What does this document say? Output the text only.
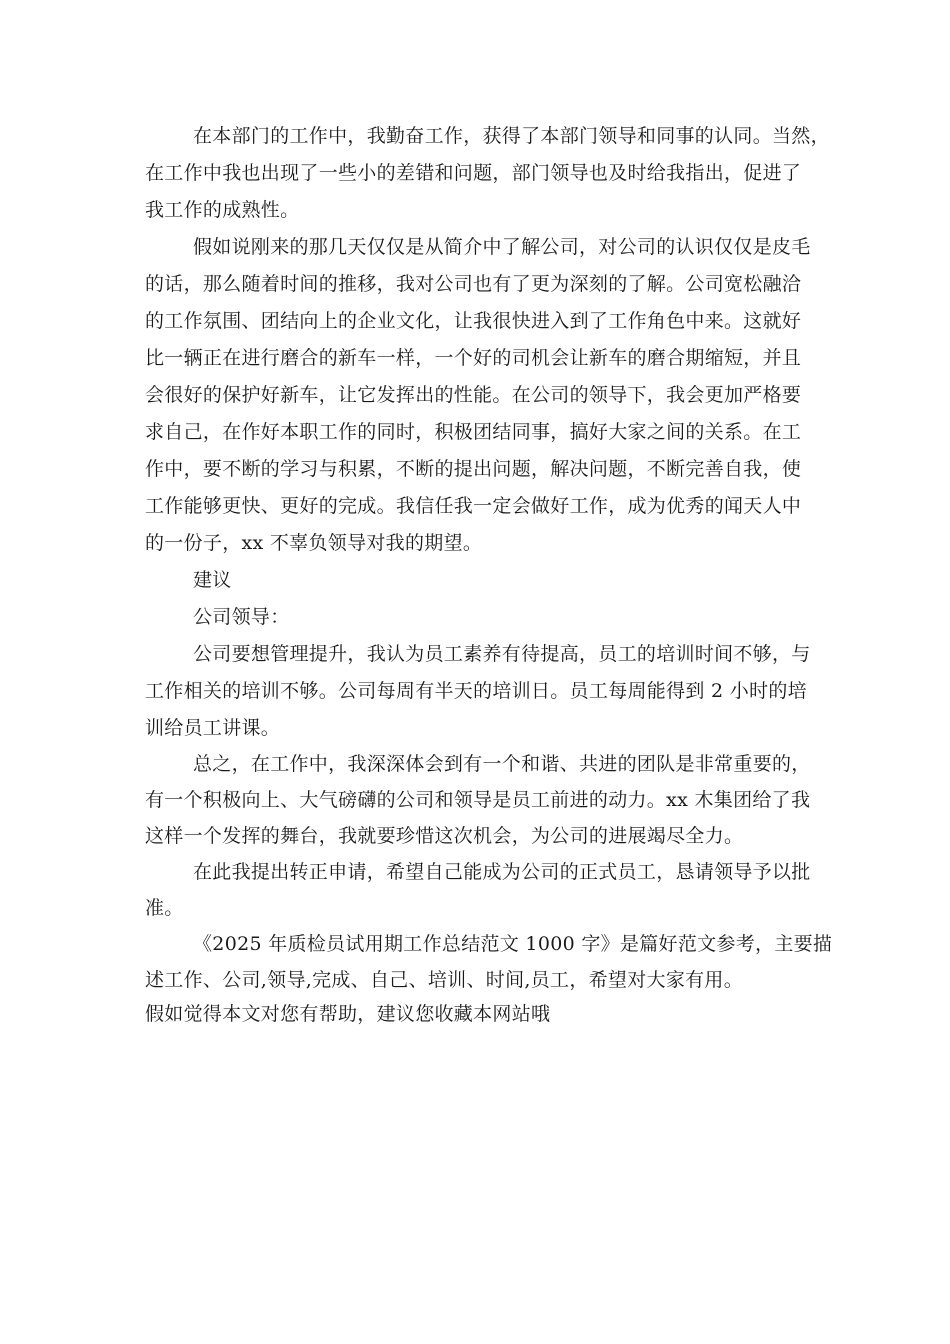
在本部门的工作中，我勤奋工作，获得了本部门领导和同事的认同。当然，
在工作中我也出现了一些小的差错和问题，部门领导也及时给我指出，促进了
我工作的成熟性。
假如说刚来的那几天仅仅是从简介中了解公司，对公司的认识仅仅是皮毛
的话，那么随着时间的推移，我对公司也有了更为深刻的了解。公司宽松融洽
的工作氛围、团结向上的企业文化，让我很快进入到了工作角色中来。这就好
比一辆正在进行磨合的新车一样，一个好的司机会让新车的磨合期缩短，并且
会很好的保护好新车，让它发挥出的性能。在公司的领导下，我会更加严格要
求自己，在作好本职工作的同时，积极团结同事，搞好大家之间的关系。在工
作中，要不断的学习与积累，不断的提出问题，解决问题，不断完善自我，使
工作能够更快、更好的完成。我信任我一定会做好工作，成为优秀的闻天人中
的一份子，xx 不辜负领导对我的期望。
建议
公司领导：
公司要想管理提升，我认为员工素养有待提高，员工的培训时间不够，与
工作相关的培训不够。公司每周有半天的培训日。员工每周能得到 2 小时的培
训给员工讲课。
总之，在工作中，我深深体会到有一个和谐、共进的团队是非常重要的，
有一个积极向上、大气磅礴的公司和领导是员工前进的动力。xx 木集团给了我
这样一个发挥的舞台，我就要珍惜这次机会，为公司的进展竭尽全力。
在此我提出转正申请，希望自己能成为公司的正式员工，恳请领导予以批
准。
《2025 年质检员试用期工作总结范文 1000 字》是篇好范文参考，主要描
述工作、公司,领导,完成、自己、培训、时间,员工，希望对大家有用。
假如觉得本文对您有帮助，建议您收藏本网站哦
